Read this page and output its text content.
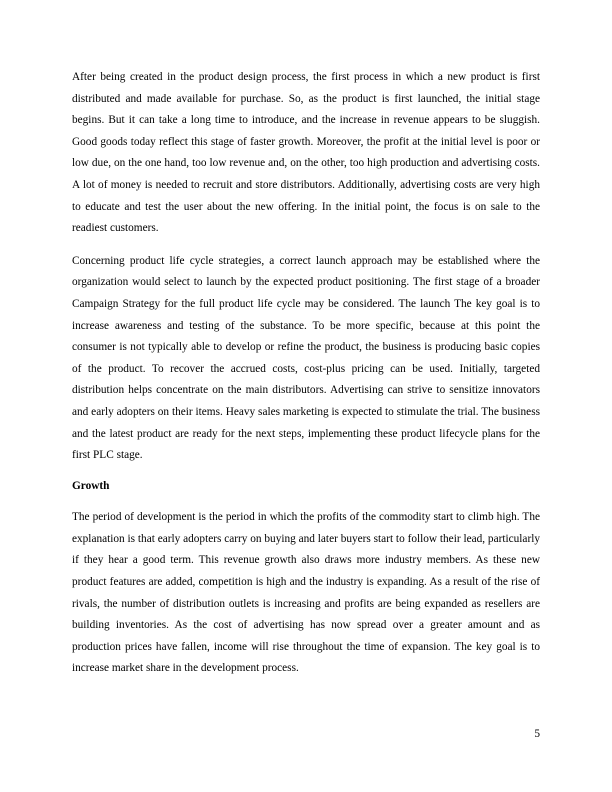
After being created in the product design process, the first process in which a new product is first distributed and made available for purchase. So, as the product is first launched, the initial stage begins. But it can take a long time to introduce, and the increase in revenue appears to be sluggish. Good goods today reflect this stage of faster growth. Moreover, the profit at the initial level is poor or low due, on the one hand, too low revenue and, on the other, too high production and advertising costs. A lot of money is needed to recruit and store distributors. Additionally, advertising costs are very high to educate and test the user about the new offering. In the initial point, the focus is on sale to the readiest customers.

Concerning product life cycle strategies, a correct launch approach may be established where the organization would select to launch by the expected product positioning. The first stage of a broader Campaign Strategy for the full product life cycle may be considered. The launch The key goal is to increase awareness and testing of the substance. To be more specific, because at this point the consumer is not typically able to develop or refine the product, the business is producing basic copies of the product. To recover the accrued costs, cost-plus pricing can be used. Initially, targeted distribution helps concentrate on the main distributors. Advertising can strive to sensitize innovators and early adopters on their items. Heavy sales marketing is expected to stimulate the trial. The business and the latest product are ready for the next steps, implementing these product lifecycle plans for the first PLC stage.

Growth

The period of development is the period in which the profits of the commodity start to climb high. The explanation is that early adopters carry on buying and later buyers start to follow their lead, particularly if they hear a good term. This revenue growth also draws more industry members. As these new product features are added, competition is high and the industry is expanding. As a result of the rise of rivals, the number of distribution outlets is increasing and profits are being expanded as resellers are building inventories. As the cost of advertising has now spread over a greater amount and as production prices have fallen, income will rise throughout the time of expansion. The key goal is to increase market share in the development process.

5
